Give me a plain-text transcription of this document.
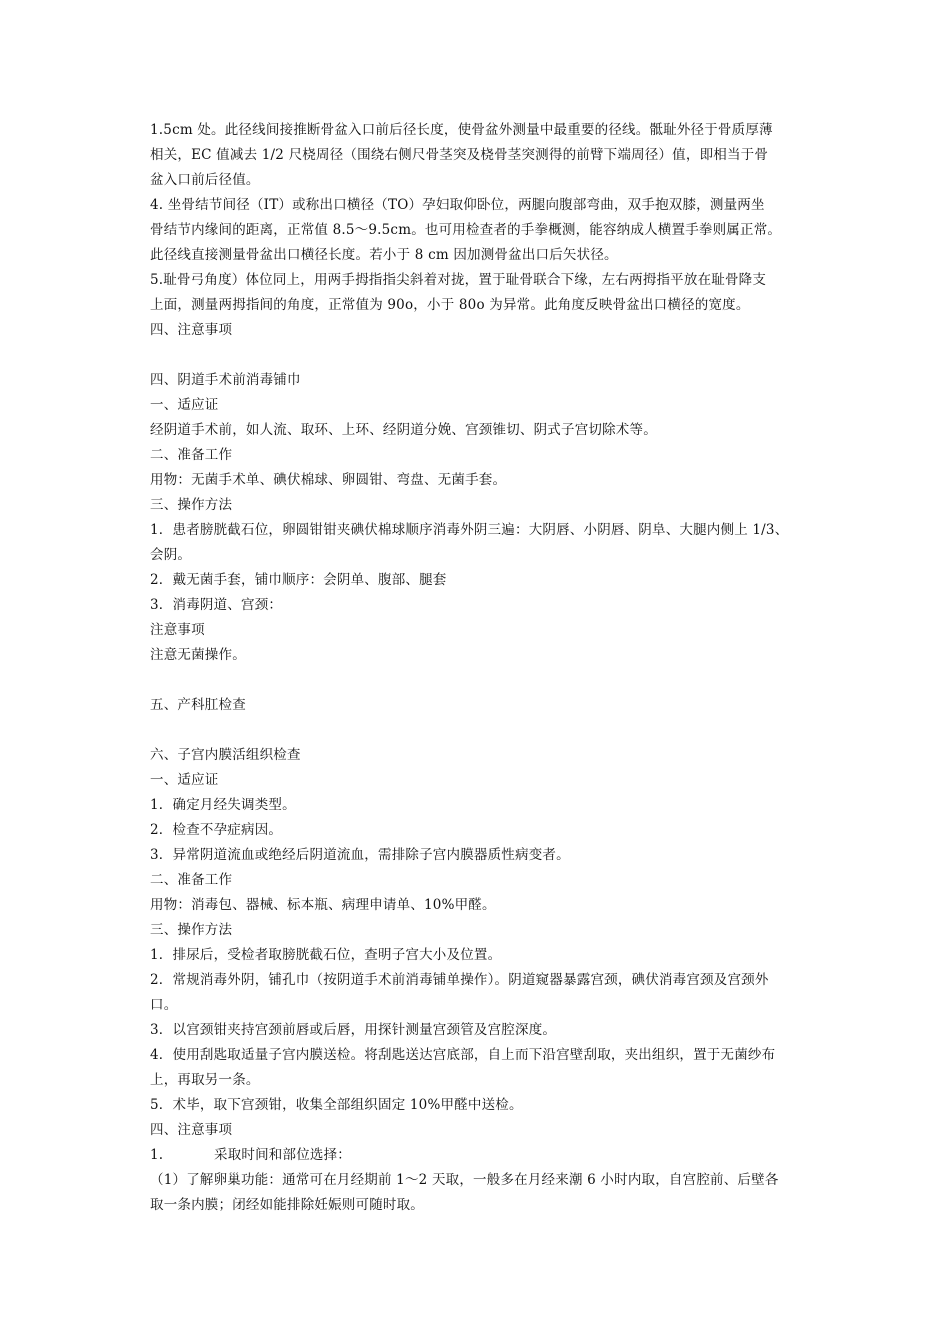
1.5cm 处。此径线间接推断骨盆入口前后径长度，使骨盆外测量中最重要的径线。骶耻外径于骨质厚薄
相关，EC 值减去 1/2 尺桡周径（围绕右侧尺骨茎突及桡骨茎突测得的前臂下端周径）值，即相当于骨
盆入口前后径值。
4. 坐骨结节间径（IT）或称出口横径（TO）孕妇取仰卧位，两腿向腹部弯曲，双手抱双膝，测量两坐
骨结节内缘间的距离，正常值 8.5～9.5cm。也可用检查者的手拳概测，能容纳成人横置手拳则属正常。
此径线直接测量骨盆出口横径长度。若小于 8 cm 因加测骨盆出口后矢状径。
5.耻骨弓角度）体位同上，用两手拇指指尖斜着对拢，置于耻骨联合下缘，左右两拇指平放在耻骨降支
上面，测量两拇指间的角度，正常值为 90o，小于 80o 为异常。此角度反映骨盆出口横径的宽度。
四、注意事项
四、阴道手术前消毒铺巾
一、适应证
经阴道手术前，如人流、取环、上环、经阴道分娩、宫颈锥切、阴式子宫切除术等。
二、准备工作
用物：无菌手术单、碘伏棉球、卵圆钳、弯盘、无菌手套。
三、操作方法
1．患者膀胱截石位，卵圆钳钳夹碘伏棉球顺序消毒外阴三遍：大阴唇、小阴唇、阴阜、大腿内侧上 1/3、
会阴。
2．戴无菌手套，铺巾顺序：会阴单、腹部、腿套
3．消毒阴道、宫颈：
注意事项
注意无菌操作。
五、产科肛检查
六、子宫内膜活组织检查
一、适应证
1．确定月经失调类型。
2．检查不孕症病因。
3．异常阴道流血或绝经后阴道流血，需排除子宫内膜器质性病变者。
二、准备工作
用物：消毒包、器械、标本瓶、病理申请单、10%甲醛。
三、操作方法
1．排尿后，受检者取膀胱截石位，查明子宫大小及位置。
2．常规消毒外阴，铺孔巾（按阴道手术前消毒铺单操作）。阴道窥器暴露宫颈，碘伏消毒宫颈及宫颈外
口。
3．以宫颈钳夹持宫颈前唇或后唇，用探针测量宫颈管及宫腔深度。
4．使用刮匙取适量子宫内膜送检。将刮匙送达宫底部，自上而下沿宫壁刮取，夹出组织，置于无菌纱布
上，再取另一条。
5．术毕，取下宫颈钳，收集全部组织固定 10%甲醛中送检。
四、注意事项
1.	采取时间和部位选择：
（1）了解卵巢功能：通常可在月经期前 1～2 天取，一般多在月经来潮 6 小时内取，自宫腔前、后壁各
取一条内膜；闭经如能排除妊娠则可随时取。
